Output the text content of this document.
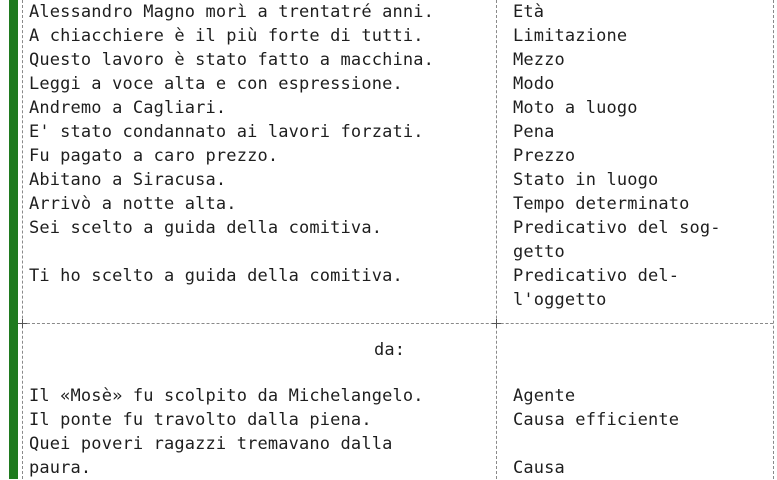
Alessandro Magno morì a trentatré anni.	Età
A chiacchiere è il più forte di tutti.	Limitazione
Questo lavoro è stato fatto a macchina.	Mezzo
Leggi a voce alta e con espressione.	Modo
Andremo a Cagliari.	Moto a luogo
E' stato condannato ai lavori forzati.	Pena
Fu pagato a caro prezzo.	Prezzo
Abitano a Siracusa.	Stato in luogo
Arrivò a notte alta.	Tempo determinato
Sei scelto a guida della comitiva.	Predicativo del sog-
getto
Ti ho scelto a guida della comitiva.	Predicativo del-
l'oggetto
da:
Il «Mosè» fu scolpito da Michelangelo.	Agente
Il ponte fu travolto dalla piena.	Causa efficiente
Quei poveri ragazzi tremavano dalla
paura.	Causa
